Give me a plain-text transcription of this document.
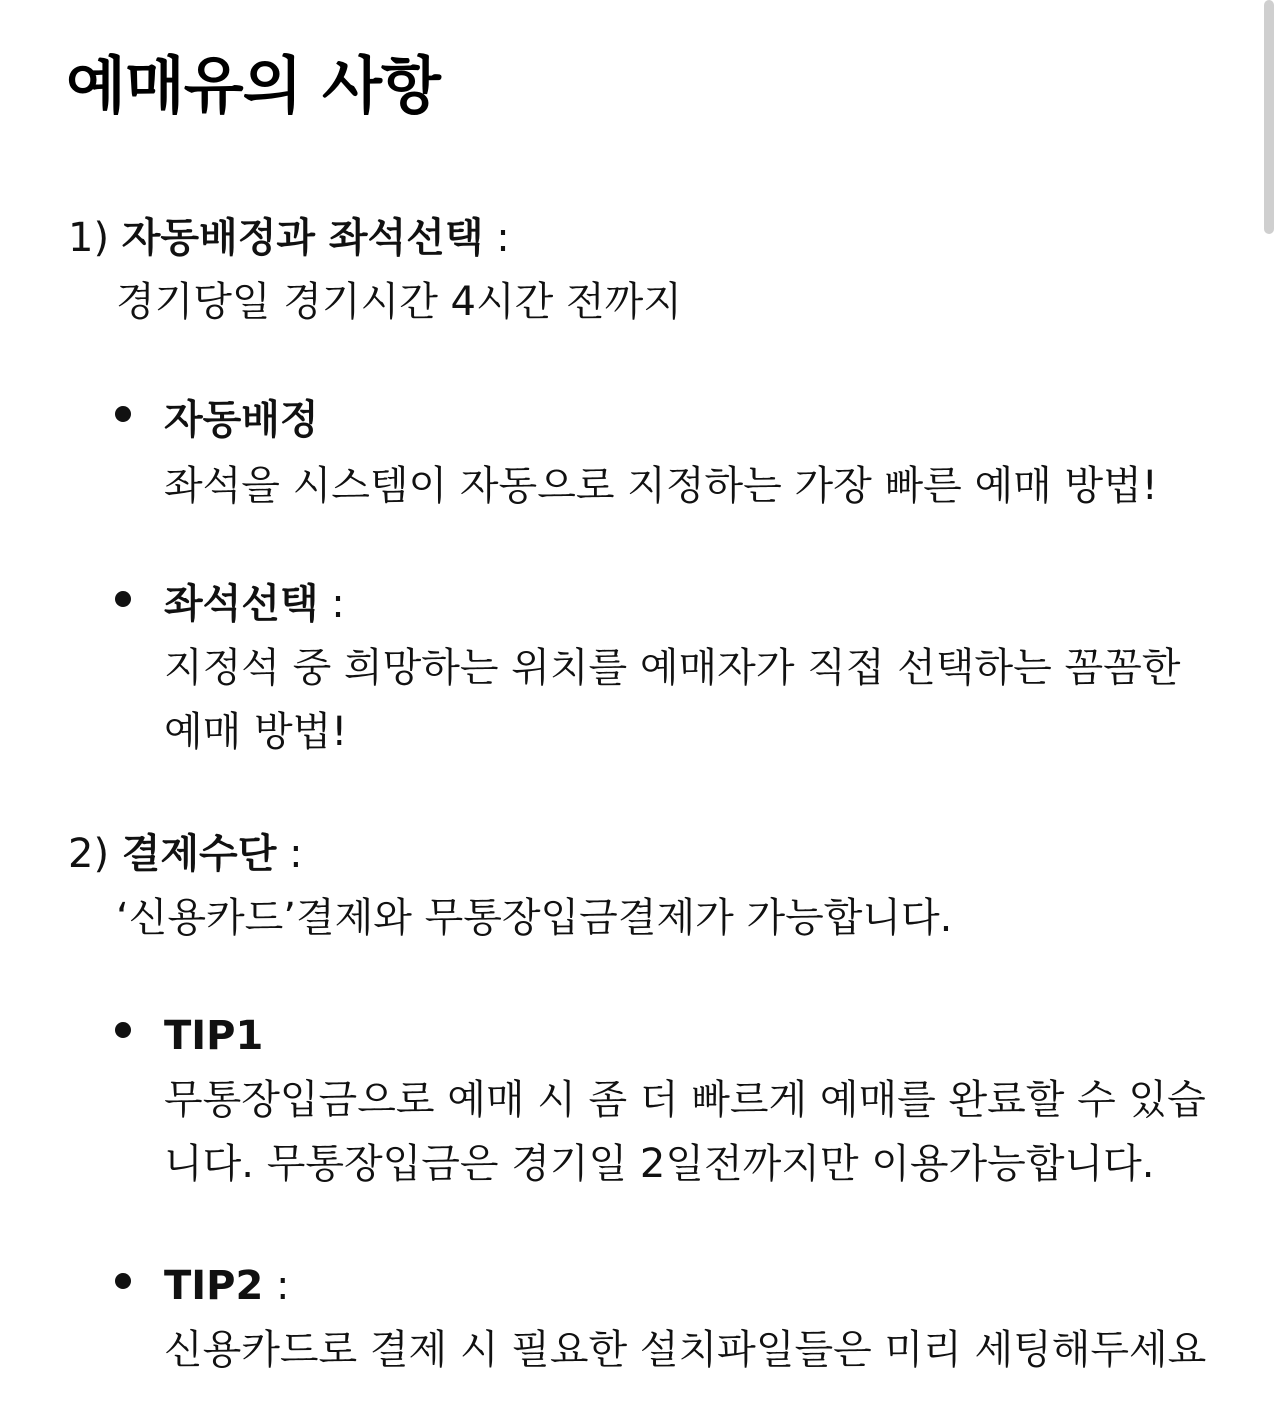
예매유의 사항
1) 자동배정과 좌석선택 :
경기당일 경기시간 4시간 전까지
자동배정
좌석을 시스템이 자동으로 지정하는 가장 빠른 예매 방법!
좌석선택 :
지정석 중 희망하는 위치를 예매자가 직접 선택하는 꼼꼼한
예매 방법!
2) 결제수단 :
‘신용카드’결제와 무통장입금결제가 가능합니다.
TIP1
무통장입금으로 예매 시 좀 더 빠르게 예매를 완료할 수 있습
니다. 무통장입금은 경기일 2일전까지만 이용가능합니다.
TIP2 :
신용카드로 결제 시 필요한 설치파일들은 미리 세팅해두세요
